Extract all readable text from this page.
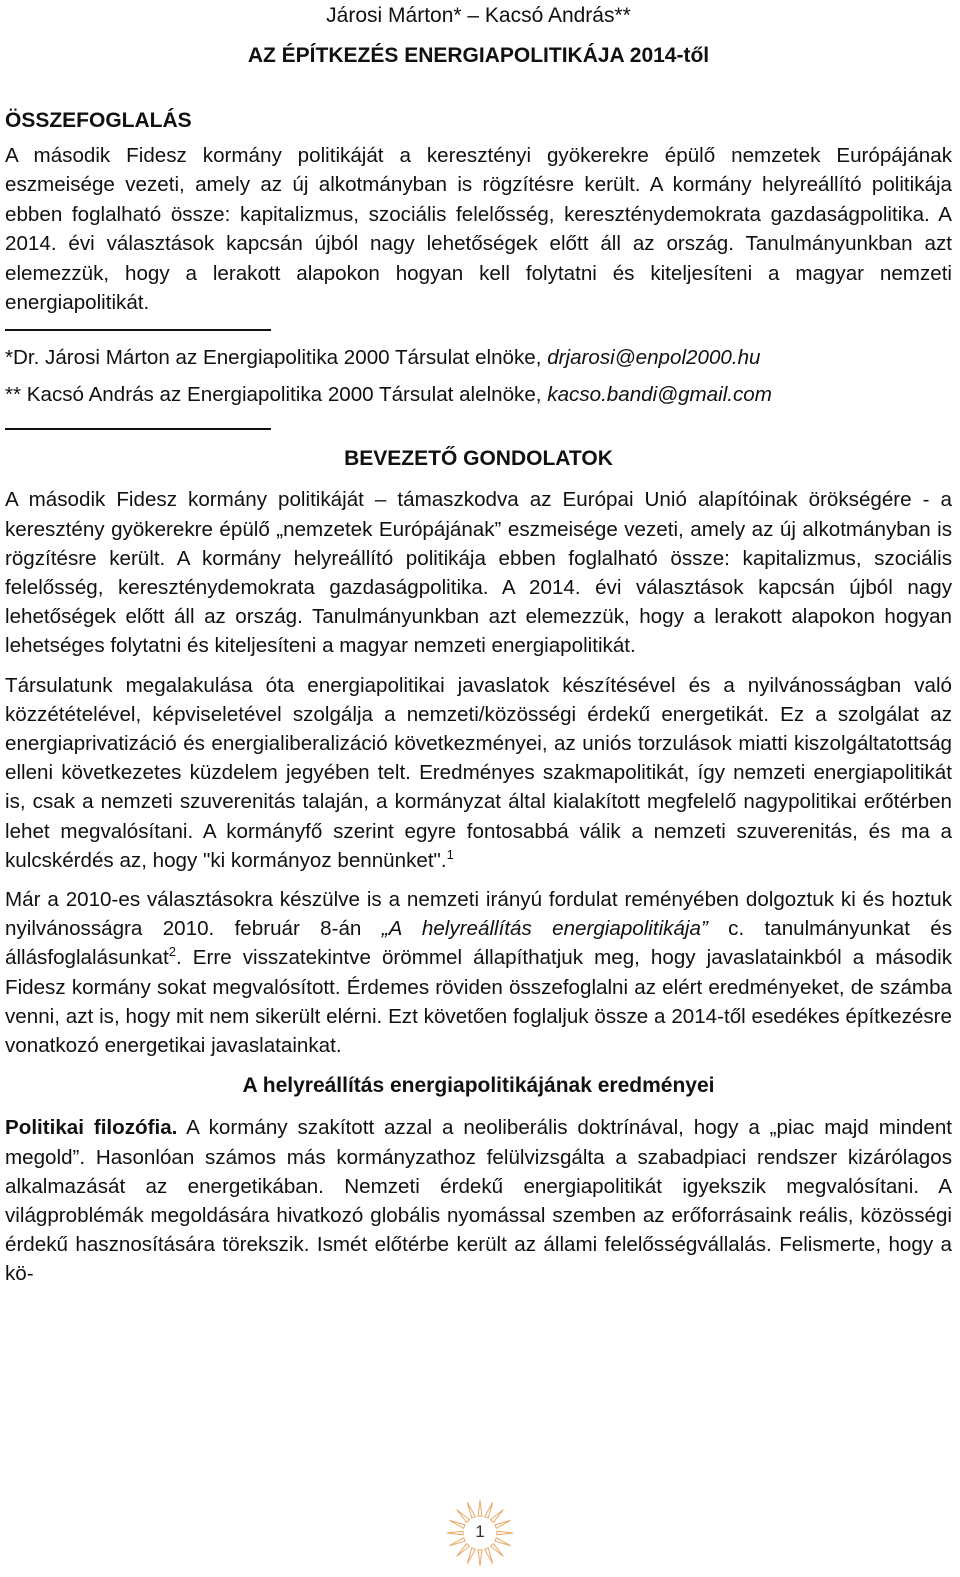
Járosi Márton* – Kacsó András**
AZ ÉPÍTKEZÉS ENERGIAPOLITIKÁJA 2014-től
ÖSSZEFOGLALÁS
A második Fidesz kormány politikáját a keresztényi gyökerekre épülő nemzetek Európájának eszmeisége vezeti, amely az új alkotmányban is rögzítésre került. A kormány helyreállító politikája ebben foglalható össze: kapitalizmus, szociális felelősség, kereszténydemokrata gazdaságpolitika. A 2014. évi választások kapcsán újból nagy lehetőségek előtt áll az ország. Tanulmányunkban azt elemezzük, hogy a lerakott alapokon hogyan kell folytatni és kiteljesíteni a magyar nemzeti energiapolitikát.
*Dr. Járosi Márton az Energiapolitika 2000 Társulat elnöke, drjarosi@enpol2000.hu
** Kacsó András az Energiapolitika 2000 Társulat alelnöke, kacso.bandi@gmail.com
BEVEZETŐ GONDOLATOK

A második Fidesz kormány politikáját – támaszkodva az Európai Unió alapítóinak örökségére - a keresztény gyökerekre épülő „nemzetek Európájának” eszmeisége vezeti, amely az új alkotmányban is rögzítésre került. A kormány helyreállító politikája ebben foglalható össze: kapitalizmus, szociális felelősség, kereszténydemokrata gazdaságpolitika. A 2014. évi választások kapcsán újból nagy lehetőségek előtt áll az ország. Tanulmányunkban azt elemezzük, hogy a lerakott alapokon hogyan lehetséges folytatni és kiteljesíteni a magyar nemzeti energiapolitikát.

Társulatunk megalakulása óta energiapolitikai javaslatok készítésével és a nyilvánosságban való közzétételével, képviseletével szolgálja a nemzeti/közösségi érdekű energetikát. Ez a szolgálat az energiaprivatizáció és energialiberalizáció következményei, az uniós torzulások miatti kiszolgáltatottság elleni következetes küzdelem jegyében telt. Eredményes szakmapolitikát, így nemzeti energiapolitikát is, csak a nemzeti szuverenitás talaján, a kormányzat által kialakított megfelelő nagypolitikai erőtérben lehet megvalósítani. A kormányfő szerint egyre fontosabbá válik a nemzeti szuverenitás, és ma a kulcskérdés az, hogy "ki kormányoz bennünket".$^1$

Már a 2010-es választásokra készülve is a nemzeti irányú fordulat reményében dolgoztuk ki és hoztuk nyilvánosságra 2010. február 8-án „A helyreállítás energiapolitikája” c. tanulmányunkat és állásfoglalásunkat$^2$. Erre visszatekintve örömmel állapíthatjuk meg, hogy javaslatainkból a második Fidesz kormány sokat megvalósított. Érdemes röviden összefoglalni az elért eredményeket, de számba venni, azt is, hogy mit nem sikerült elérni. Ezt követően foglaljuk össze a 2014-től esedékes építkezésre vonatkozó energetikai javaslatainkat.

A helyreállítás energiapolitikájának eredményei

Politikai filozófia. A kormány szakított azzal a neoliberális doktrínával, hogy a „piac majd mindent megold”. Hasonlóan számos más kormányzathoz felülvizsgálta a szabadpiaci rendszer kizárólagos alkalmazását az energetikában. Nemzeti érdekű energiapolitikát igyekszik megvalósítani. A világproblémák megoldására hivatkozó globális nyomással szemben az erőforrásaink reális, közösségi érdekű hasznosítására törekszik. Ismét előtérbe került az állami felelősségvállalás. Felismerte, hogy a kö-

1
